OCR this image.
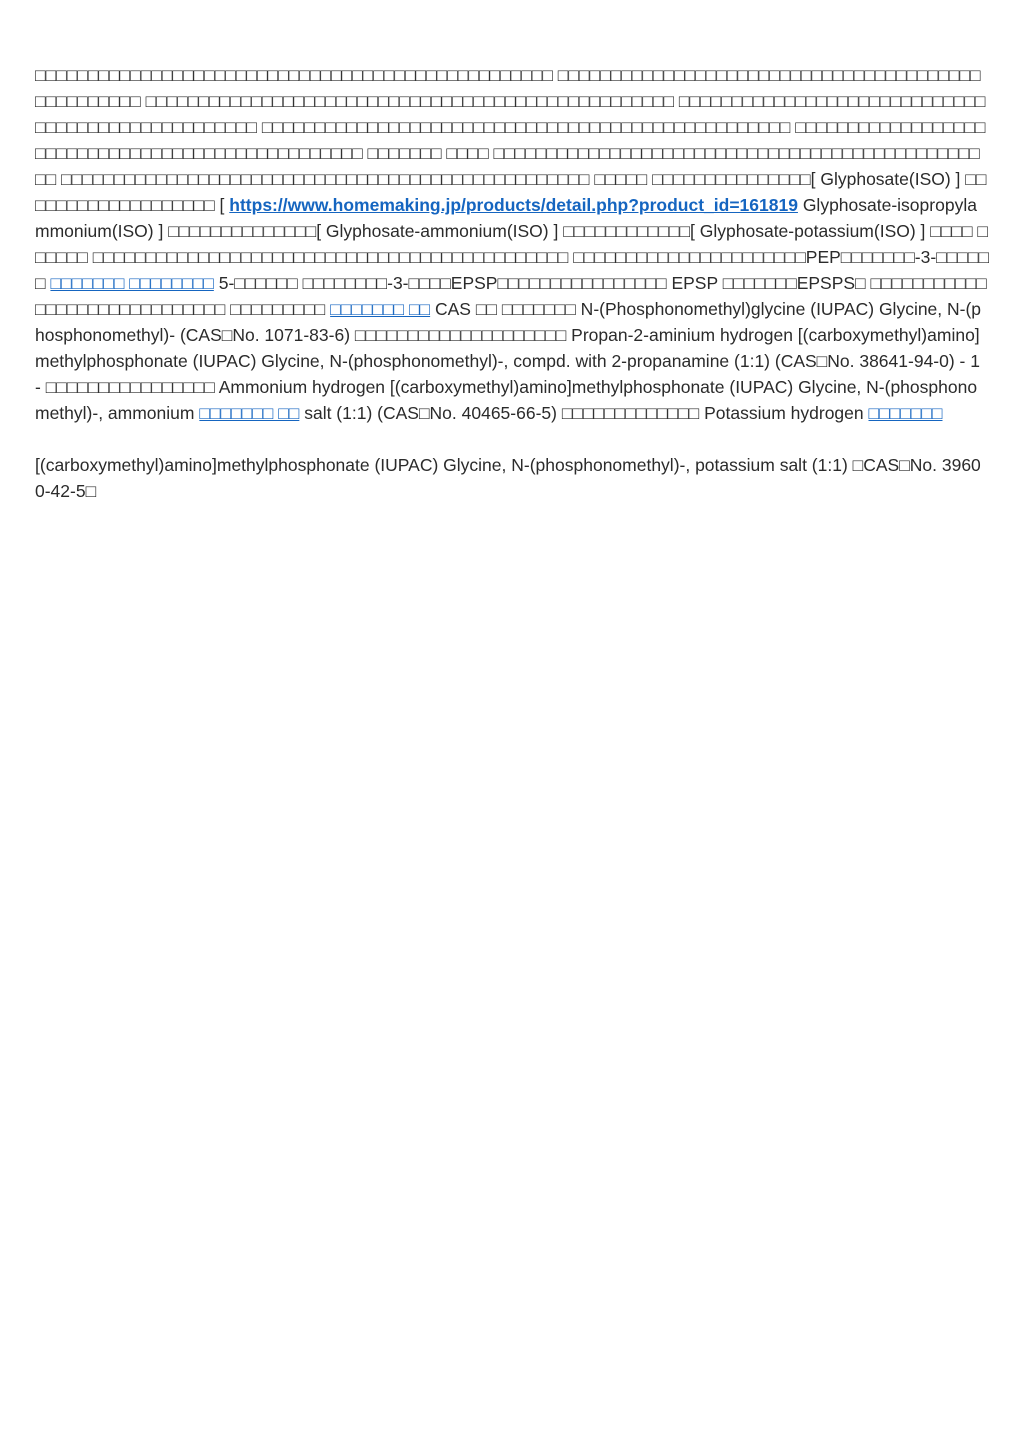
□□□□□□□□□□□□□□□□□□□□□□□□□□□□□□□□□□□□□□□□□□□□□□□□□ □□□□□□□□□□□□□□□□□□□□□□□□□□□□□□□□□□□□□□□□□□□□□□□□□□ □□□□□□□□□□□□□□□□□□□□□□□□□□□□□□□□□□□□□□□□□□□□□□□□□□ □□□□□□□□□□□□□□□□□□□□□□□□□□□□□□□□□□□□□□□□□□□□□□□□□□ □□□□□□□□□□□□□□□□□□□□□□□□□□□□□□□□□□□□□□□□□□□□□□□□□□ □□□□□□□□□□□□□□□□□□□□□□□□□□□□□□□□□□□□□□□□□□□□□□□□□ □□□□□□□ □□□□ □□□□□□□□□□□□□□□□□□□□□□□□□□□□□□□□□□□□□□□□□□□□□□□□ □□□□□□□□□□□□□□□□□□□□□□□□□□□□□□□□□□□□□□□□□□□□□□□□□□ □□□□□ □□□□□□□□□□□□□□□[ Glyphosate(ISO) ] □□□□□□□□□□□□□□□□□□□ [ https://www.homemaking.jp/products/detail.php?product_id=161819 Glyphosate-isopropylammonium(ISO) ] □□□□□□□□□□□□□□[ Glyphosate-ammonium(ISO) ] □□□□□□□□□□□□[ Glyphosate-potassium(ISO) ] □□□□ □□□□□□ □□□□□□□□□□□□□□□□□□□□□□□□□□□□□□□□□□□□□□□□□□□□□ □□□□□□□□□□□□□□□□□□□□□□PEP□□□□□□□-3-□□□□□□ □□□□□□□ □□□□□□□□ 5-□□□□□□ □□□□□□□□-3-□□□□EPSP□□□□□□□□□□□□□□□□ EPSP □□□□□□□EPSPS□ □□□□□□□□□□□□□□□□□□□□□□□□□□□□□ □□□□□□□□□ □□□□□□□ □□ CAS □□ □□□□□□□ N-(Phosphonomethyl)glycine (IUPAC) Glycine, N-(phosphonomethyl)- (CAS□No. 1071-83-6) □□□□□□□□□□□□□□□□□□□□ Propan-2-aminium hydrogen [(carboxymethyl)amino]methylphosphonate (IUPAC) Glycine, N-(phosphonomethyl)-, compd. with 2-propanamine (1:1) (CAS□No. 38641-94-0) - 1 - □□□□□□□□□□□□□□□□ Ammonium hydrogen [(carboxymethyl)amino]methylphosphonate (IUPAC) Glycine, N-(phosphonomethyl)-, ammonium □□□□□□□ □□ salt (1:1) (CAS□No. 40465-66-5) □□□□□□□□□□□□□ Potassium hydrogen □□□□□□□

[(carboxymethyl)amino]methylphosphonate (IUPAC) Glycine, N-(phosphonomethyl)-, potassium salt (1:1) □CAS□No. 39600-42-5□
